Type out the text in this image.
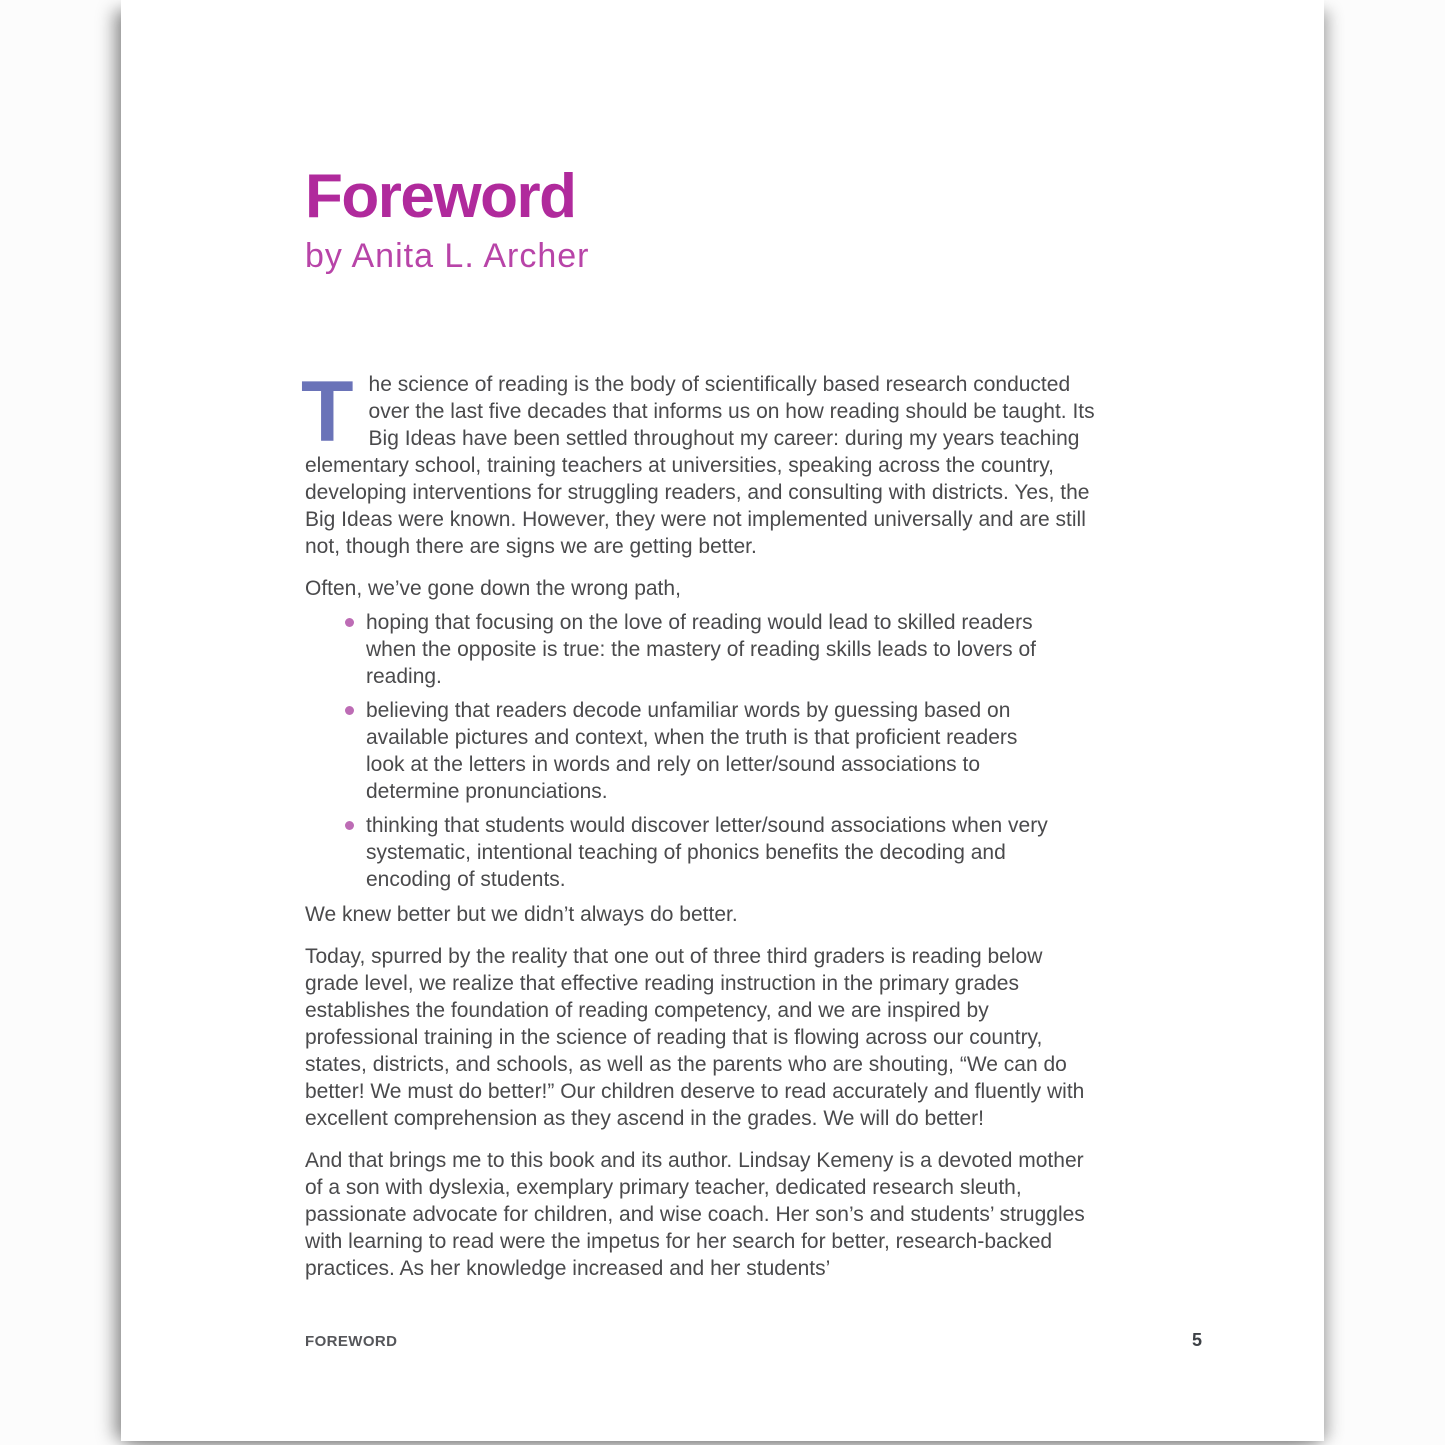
Foreword
by Anita L. Archer

The science of reading is the body of scientifically based research conducted over the last five decades that informs us on how reading should be taught. Its Big Ideas have been settled throughout my career: during my years teaching elementary school, training teachers at universities, speaking across the country, developing interventions for struggling readers, and consulting with districts. Yes, the Big Ideas were known. However, they were not implemented universally and are still not, though there are signs we are getting better.

Often, we’ve gone down the wrong path,

hoping that focusing on the love of reading would lead to skilled readers when the opposite is true: the mastery of reading skills leads to lovers of reading.
believing that readers decode unfamiliar words by guessing based on available pictures and context, when the truth is that proficient readers look at the letters in words and rely on letter/sound associations to determine pronunciations.
thinking that students would discover letter/sound associations when very systematic, intentional teaching of phonics benefits the decoding and encoding of students.

We knew better but we didn’t always do better.

Today, spurred by the reality that one out of three third graders is reading below grade level, we realize that effective reading instruction in the primary grades establishes the foundation of reading competency, and we are inspired by professional training in the science of reading that is flowing across our country, states, districts, and schools, as well as the parents who are shouting, “We can do better! We must do better!” Our children deserve to read accurately and fluently with excellent comprehension as they ascend in the grades. We will do better!

And that brings me to this book and its author. Lindsay Kemeny is a devoted mother of a son with dyslexia, exemplary primary teacher, dedicated research sleuth, passionate advocate for children, and wise coach. Her son’s and students’ struggles with learning to read were the impetus for her search for better, research-backed practices. As her knowledge increased and her students’

FOREWORD	5
